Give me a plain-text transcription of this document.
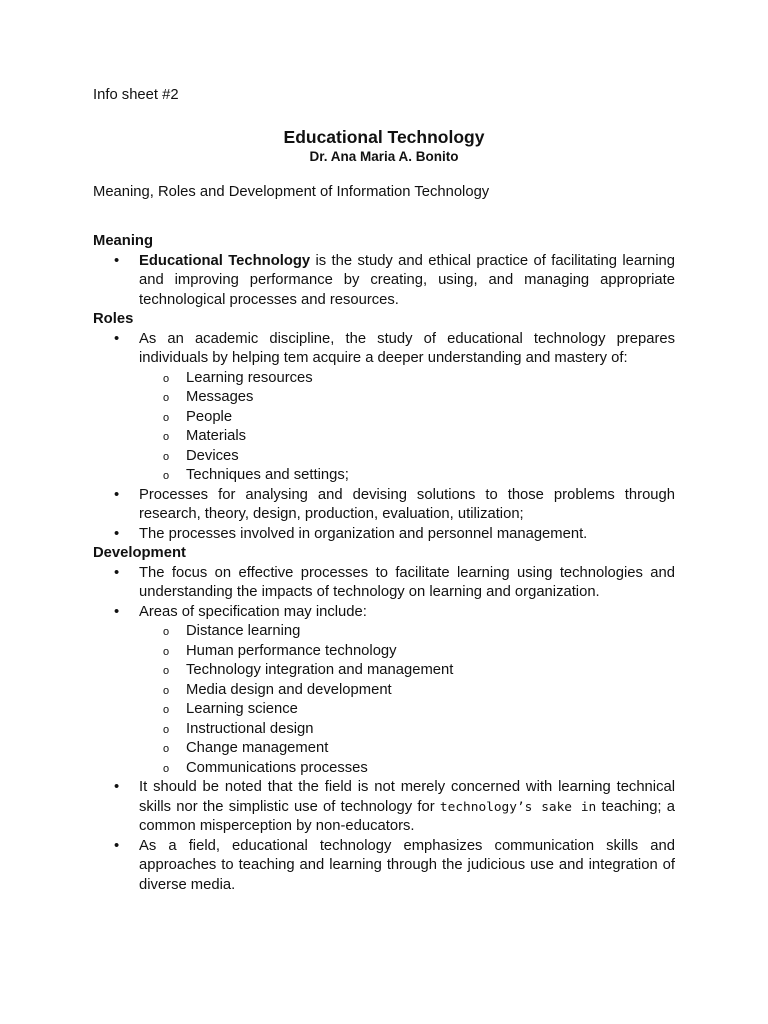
Info sheet #2

Educational Technology

Dr. Ana Maria A. Bonito

Meaning, Roles and Development of Information Technology

Meaning

• Educational Technology is the study and ethical practice of facilitating learning and improving performance by creating, using, and managing appropriate technological processes and resources.

Roles

• As an academic discipline, the study of educational technology prepares individuals by helping tem acquire a deeper understanding and mastery of:
o Learning resources
o Messages
o People
o Materials
o Devices
o Techniques and settings;
• Processes for analysing and devising solutions to those problems through research, theory, design, production, evaluation, utilization;
• The processes involved in organization and personnel management.

Development

• The focus on effective processes to facilitate learning using technologies and understanding the impacts of technology on learning and organization.
• Areas of specification may include:
o Distance learning
o Human performance technology
o Technology integration and management
o Media design and development
o Learning science
o Instructional design
o Change management
o Communications processes
• It should be noted that the field is not merely concerned with learning technical skills nor the simplistic use of technology for technology’s sake in teaching; a common misperception by non-educators.
• As a field, educational technology emphasizes communication skills and approaches to teaching and learning through the judicious use and integration of diverse media.
